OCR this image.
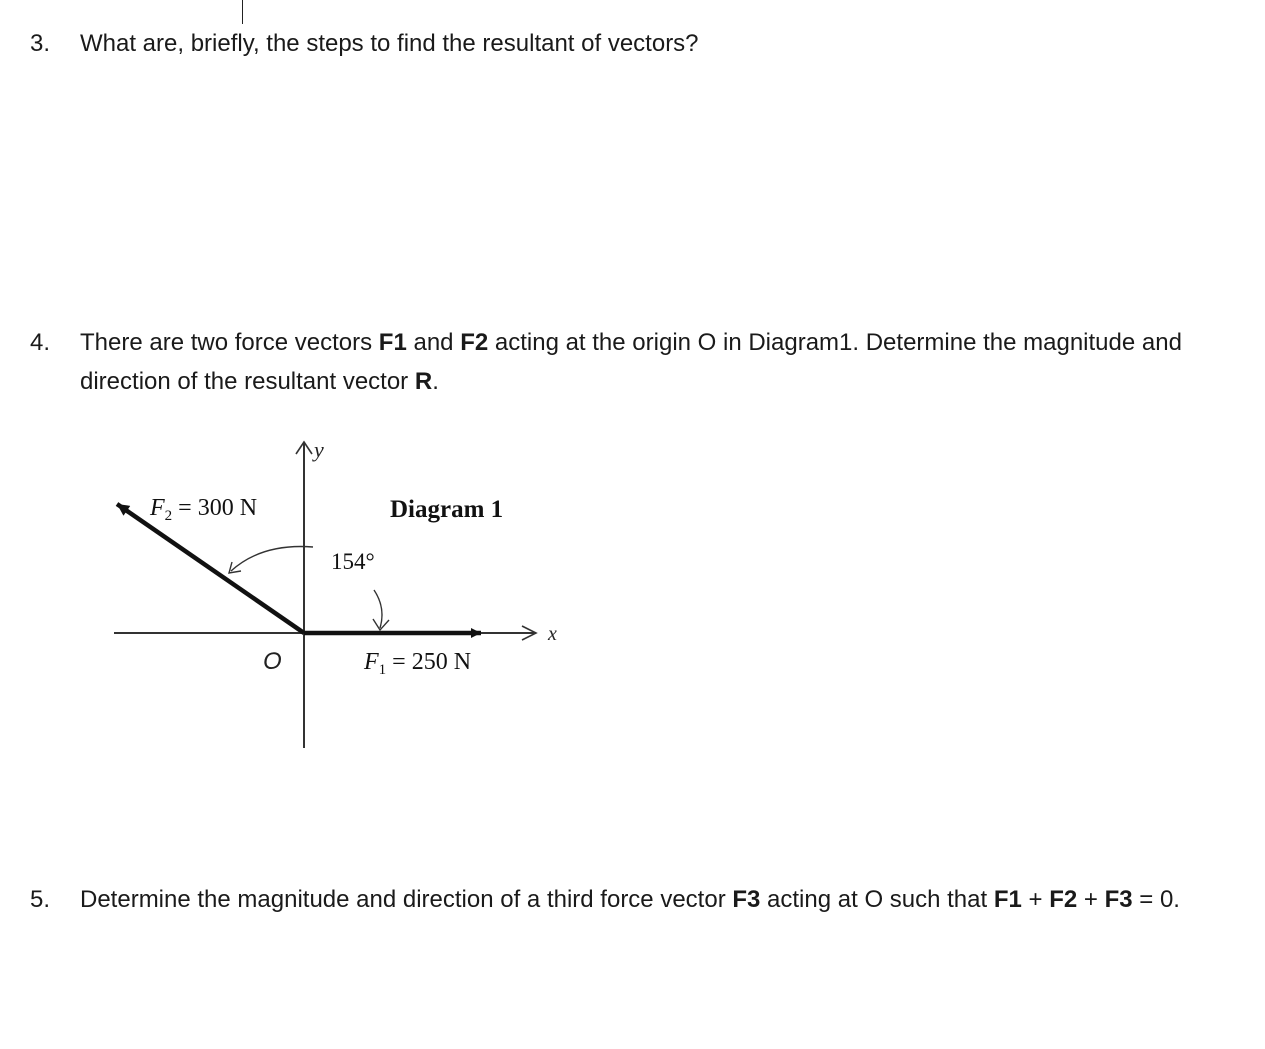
3.	What are, briefly, the steps to find the resultant of vectors?
4.	There are two force vectors F1 and F2 acting at the origin O in Diagram1. Determine the magnitude and direction of the resultant vector R.
y
x
Diagram 1
$F_2 = 300$ N
154°
O	$F_1 = 250$ N
5.	Determine the magnitude and direction of a third force vector F3 acting at O such that F1 + F2 + F3 = 0.
